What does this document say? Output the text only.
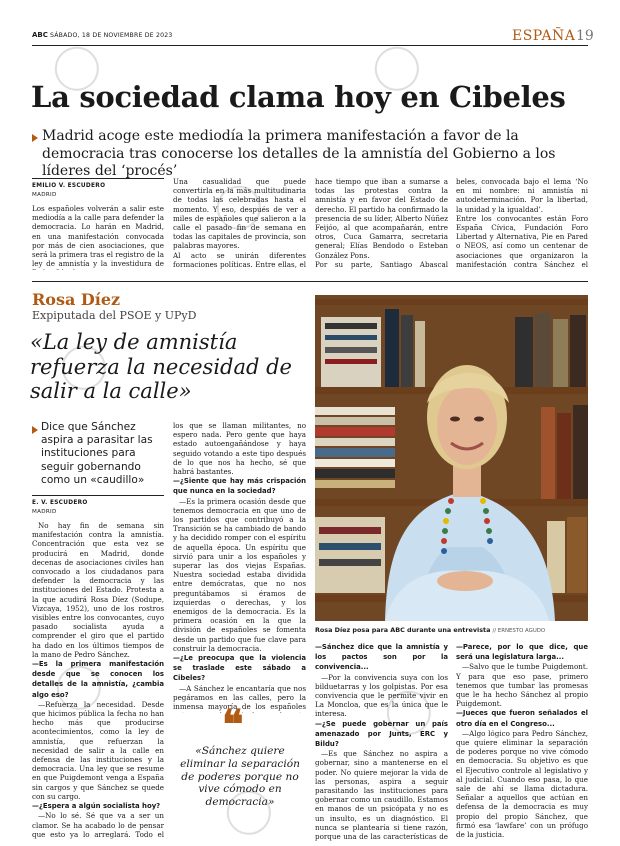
ABC SÁBADO, 18 DE NOVIEMBRE DE 2023	ESPAÑA 19
La sociedad clama hoy en Cibeles
Madrid acoge este mediodía la primera manifestación a favor de la democracia tras conocerse los detalles de la amnistía del Gobierno a los líderes del ‘procés’
EMILIO V. ESCUDERO
MADRID
Los españoles volverán a salir este mediodía a la calle para defender la democracia. Lo harán en Madrid, en una manifestación convocada por más de cien asociaciones, que será la primera tras el registro de la ley de amnistía y la investidura de
Una casualidad que puede convertirla en la más multitudinaria de todas las celebradas hasta el momento. Y eso, después de ver a miles de españoles que salieron a la calle el pasado fin de semana en todas las capitales de provincia, son palabras mayores.
Al acto se unirán diferentes formaciones políticas. Entre ellas, el
hace tiempo que iban a sumarse a todas las protestas contra la amnistía y en favor del Estado de derecho. El partido ha confirmado la presencia de su líder, Alberto Núñez Feijóo, al que acompañarán, entre otros, Cuca Gamarra, secretaria general; Elías Bendodo o Esteban González Pons.
Por su parte, Santiago Abascal
beles, convocada bajo el lema ‘No en mi nombre: ni amnistía ni autodeterminación. Por la libertad, la unidad y la igualdad’.
Entre los convocantes están Foro España Cívica, Fundación Foro Libertad y Alternativa, Pie en Pared o NEOS, así como un centenar de asociaciones que organizaron la manifestación contra Sánchez el
Rosa Díez
Expiputada del PSOE y UPyD
«La ley de amnistía refuerza la necesidad de salir a la calle»
Dice que Sánchez aspira a parasitar las instituciones para seguir gobernando como un «caudillo»
E. V. ESCUDERO
MADRID

No hay fin de semana sin manifestación contra la amnistía. Concentración que esta vez se producirá en Madrid, donde decenas de asociaciones civiles han convocado a los ciudadanos para defender la democracia y las instituciones del Estado. Protesta a la que acudirá Rosa Díez (Sodupe, Vizcaya, 1952), uno de los rostros visibles entre los convocantes, cuyo pasado socialista ayuda a comprender el giro que el partido ha dado en los últimos tiempos de la mano de Pedro Sánchez.

—Es la primera manifestación desde que se conocen los detalles de la amnistía, ¿cambia algo eso?

—Refuerza la necesidad. Desde que hicimos pública la fecha no han hecho más que producirse acontecimientos, como la ley de amnistía, que refuerzan la necesidad de salir a la calle en defensa de las instituciones y la democracia. Una ley que se resume en que Puigdemont venga a España sin cargos y que Sánchez se quede con su cargo.

—¿Espera a algún socialista hoy?

—No lo sé. Sé que va a ser un clamor. Se ha acabado lo de pensar que esto ya lo arreglará. Todo el

los que se llaman militantes, no espero nada. Pero gente que haya estado autoengañándose y haya seguido votando a este tipo después de lo que nos ha hecho, sé que habrá bastantes.

—¿Siente que hay más crispación que nunca en la sociedad?

—Es la primera ocasión desde que tenemos democracia en que uno de los partidos que contribuyó a la Transición se ha cambiado de bando y ha decidido romper con el espíritu de aquella época. Un espíritu que sirvió para unir a los españoles y superar las dos viejas Españas. Nuestra sociedad estaba dividida entre demócratas, que no nos preguntábamos si éramos de izquierdas o derechas, y los enemigos de la democracia. Es la primera ocasión en la que la división de españoles se fomenta desde un partido que fue clave para construir la democracia.

—¿Le preocupa que la violencia se traslade este sábado a Cibeles?

—A Sánchez le encantaría que nos pegáramos en las calles, pero la inmensa mayoría de los españoles

—Sánchez dice que la amnistía y los pactos son por la convivencia...

—Por la convivencia suya con los bilduetarras y los golpistas. Por esa convivencia que le permite vivir en La Moncloa, que es la única que le interesa.

—¿Se puede gobernar un país amenazado por Junts, ERC y Bildu?

—Es que Sánchez no aspira a gobernar, sino a mantenerse en el poder. No quiere mejorar la vida de las personas, aspira a seguir parasitando las instituciones para gobernar como un caudillo. Estamos en manos de un psicópata y no es un insulto, es un diagnóstico. El nunca se plantearía si tiene razón, porque una de las características de

—Parece, por lo que dice, que será una legislatura larga...

—Salvo que le tumbe Puigdemont. Y para que eso pase, primero tenemos que tumbar las promesas que le ha hecho Sánchez al propio Puigdemont.

—Jueces que fueron señalados el otro día en el Congreso...

—Algo lógico para Pedro Sánchez, que quiere eliminar la separación de poderes porque no vive cómodo en democracia. Su objetivo es que el Ejecutivo controle al legislativo y al judicial. Cuando eso pasa, lo que sale de ahí se llama dictadura. Señalar a aquellos que actúan en defensa de la democracia es muy propio del propio Sánchez, que firmó esa ‘lawfare’ con un prófugo de la justicia.

❝
«Sánchez quiere eliminar la separación de poderes porque no vive cómodo en democracia»
Rosa Díez posa para ABC durante una entrevista // ERNESTO AGUDO
